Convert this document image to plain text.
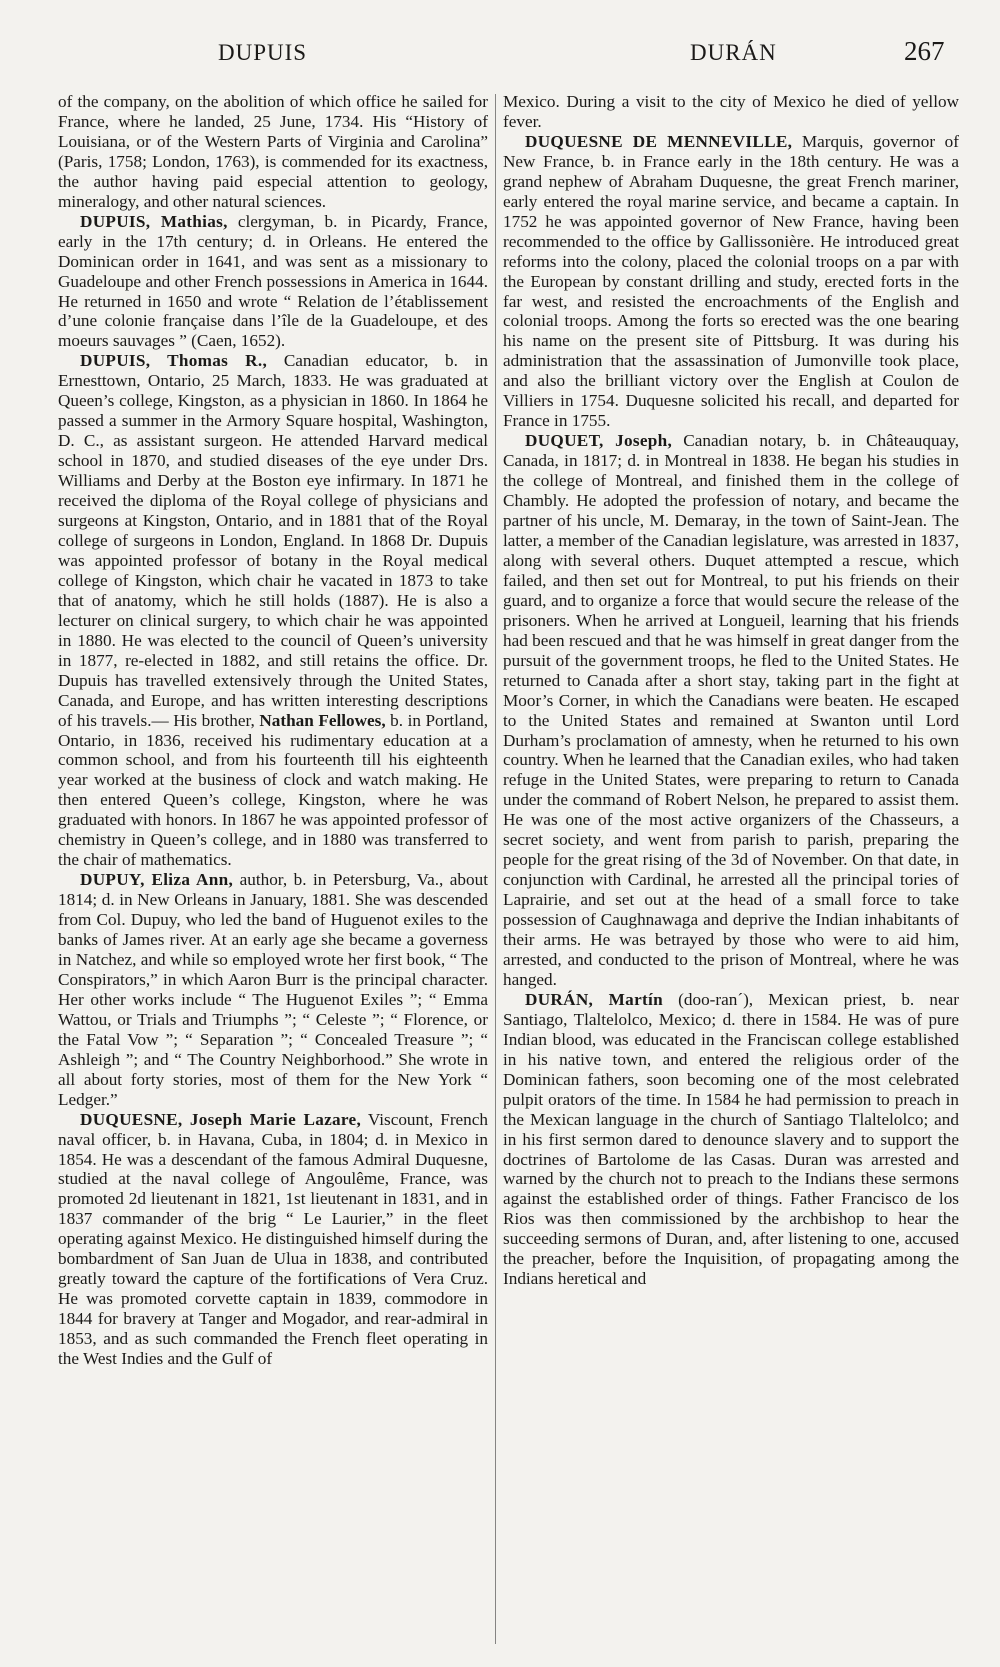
DUPUIS	DURÁN	267

of the company, on the abolition of which office he sailed for France, where he landed, 25 June, 1734. His “History of Louisiana, or of the Western Parts of Virginia and Carolina” (Paris, 1758; London, 1763), is commended for its exactness, the author having paid especial attention to geology, mineralogy, and other natural sciences.

DUPUIS, Mathias, clergyman, b. in Picardy, France, early in the 17th century; d. in Orleans. He entered the Dominican order in 1641, and was sent as a missionary to Guadeloupe and other French possessions in America in 1644. He returned in 1650 and wrote “ Relation de l’établissement d’une colonie française dans l’île de la Guadeloupe, et des moeurs sauvages ” (Caen, 1652).

DUPUIS, Thomas R., Canadian educator, b. in Ernesttown, Ontario, 25 March, 1833. He was graduated at Queen’s college, Kingston, as a physician in 1860. In 1864 he passed a summer in the Armory Square hospital, Washington, D. C., as assistant surgeon. He attended Harvard medical school in 1870, and studied diseases of the eye under Drs. Williams and Derby at the Boston eye infirmary. In 1871 he received the diploma of the Royal college of physicians and surgeons at Kingston, Ontario, and in 1881 that of the Royal college of surgeons in London, England. In 1868 Dr. Dupuis was appointed professor of botany in the Royal medical college of Kingston, which chair he vacated in 1873 to take that of anatomy, which he still holds (1887). He is also a lecturer on clinical surgery, to which chair he was appointed in 1880. He was elected to the council of Queen’s university in 1877, re-elected in 1882, and still retains the office. Dr. Dupuis has travelled extensively through the United States, Canada, and Europe, and has written interesting descriptions of his travels.— His brother, Nathan Fellowes, b. in Portland, Ontario, in 1836, received his rudimentary education at a common school, and from his fourteenth till his eighteenth year worked at the business of clock and watch making. He then entered Queen’s college, Kingston, where he was graduated with honors. In 1867 he was appointed professor of chemistry in Queen’s college, and in 1880 was transferred to the chair of mathematics.

DUPUY, Eliza Ann, author, b. in Petersburg, Va., about 1814; d. in New Orleans in January, 1881. She was descended from Col. Dupuy, who led the band of Huguenot exiles to the banks of James river. At an early age she became a governess in Natchez, and while so employed wrote her first book, “ The Conspirators,” in which Aaron Burr is the principal character. Her other works include “ The Huguenot Exiles ”; “ Emma Wattou, or Trials and Triumphs ”; “ Celeste ”; “ Florence, or the Fatal Vow ”; “ Separation ”; “ Concealed Treasure ”; “ Ashleigh ”; and “ The Country Neighborhood.” She wrote in all about forty stories, most of them for the New York “ Ledger.”

DUQUESNE, Joseph Marie Lazare, Viscount, French naval officer, b. in Havana, Cuba, in 1804; d. in Mexico in 1854. He was a descendant of the famous Admiral Duquesne, studied at the naval college of Angoulême, France, was promoted 2d lieutenant in 1821, 1st lieutenant in 1831, and in 1837 commander of the brig “ Le Laurier,” in the fleet operating against Mexico. He distinguished himself during the bombardment of San Juan de Ulua in 1838, and contributed greatly toward the capture of the fortifications of Vera Cruz. He was promoted corvette captain in 1839, commodore in 1844 for bravery at Tanger and Mogador, and rear-admiral in 1853, and as such commanded the French fleet operating in the West Indies and the Gulf of

Mexico. During a visit to the city of Mexico he died of yellow fever.

DUQUESNE DE MENNEVILLE, Marquis, governor of New France, b. in France early in the 18th century. He was a grand nephew of Abraham Duquesne, the great French mariner, early entered the royal marine service, and became a captain. In 1752 he was appointed governor of New France, having been recommended to the office by Gallissonière. He introduced great reforms into the colony, placed the colonial troops on a par with the European by constant drilling and study, erected forts in the far west, and resisted the encroachments of the English and colonial troops. Among the forts so erected was the one bearing his name on the present site of Pittsburg. It was during his administration that the assassination of Jumonville took place, and also the brilliant victory over the English at Coulon de Villiers in 1754. Duquesne solicited his recall, and departed for France in 1755.

DUQUET, Joseph, Canadian notary, b. in Châteauquay, Canada, in 1817; d. in Montreal in 1838. He began his studies in the college of Montreal, and finished them in the college of Chambly. He adopted the profession of notary, and became the partner of his uncle, M. Demaray, in the town of Saint-Jean. The latter, a member of the Canadian legislature, was arrested in 1837, along with several others. Duquet attempted a rescue, which failed, and then set out for Montreal, to put his friends on their guard, and to organize a force that would secure the release of the prisoners. When he arrived at Longueil, learning that his friends had been rescued and that he was himself in great danger from the pursuit of the government troops, he fled to the United States. He returned to Canada after a short stay, taking part in the fight at Moor’s Corner, in which the Canadians were beaten. He escaped to the United States and remained at Swanton until Lord Durham’s proclamation of amnesty, when he returned to his own country. When he learned that the Canadian exiles, who had taken refuge in the United States, were preparing to return to Canada under the command of Robert Nelson, he prepared to assist them. He was one of the most active organizers of the Chasseurs, a secret society, and went from parish to parish, preparing the people for the great rising of the 3d of November. On that date, in conjunction with Cardinal, he arrested all the principal tories of Laprairie, and set out at the head of a small force to take possession of Caughnawaga and deprive the Indian inhabitants of their arms. He was betrayed by those who were to aid him, arrested, and conducted to the prison of Montreal, where he was hanged.

DURÁN, Martín (doo-ran´), Mexican priest, b. near Santiago, Tlaltelolco, Mexico; d. there in 1584. He was of pure Indian blood, was educated in the Franciscan college established in his native town, and entered the religious order of the Dominican fathers, soon becoming one of the most celebrated pulpit orators of the time. In 1584 he had permission to preach in the Mexican language in the church of Santiago Tlaltelolco; and in his first sermon dared to denounce slavery and to support the doctrines of Bartolome de las Casas. Duran was arrested and warned by the church not to preach to the Indians these sermons against the established order of things. Father Francisco de los Rios was then commissioned by the archbishop to hear the succeeding sermons of Duran, and, after listening to one, accused the preacher, before the Inquisition, of propagating among the Indians heretical and
